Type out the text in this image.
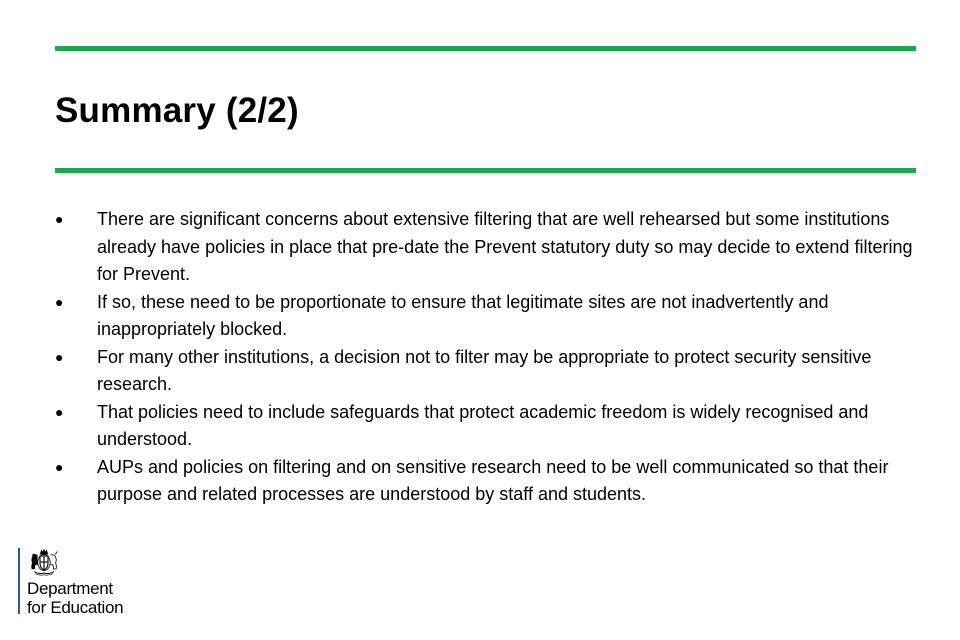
Summary (2/2)
●	There are significant concerns about extensive filtering that are well rehearsed but some institutions already have policies in place that pre-date the Prevent statutory duty so may decide to extend filtering for Prevent.
●	If so, these need to be proportionate to ensure that legitimate sites are not inadvertently and inappropriately blocked.
●	For many other institutions, a decision not to filter may be appropriate to protect security sensitive research.
●	That policies need to include safeguards that protect academic freedom is widely recognised and understood.
●	AUPs and policies on filtering and on sensitive research need to be well communicated so that their purpose and related processes are understood by staff and students.
Department
for Education
